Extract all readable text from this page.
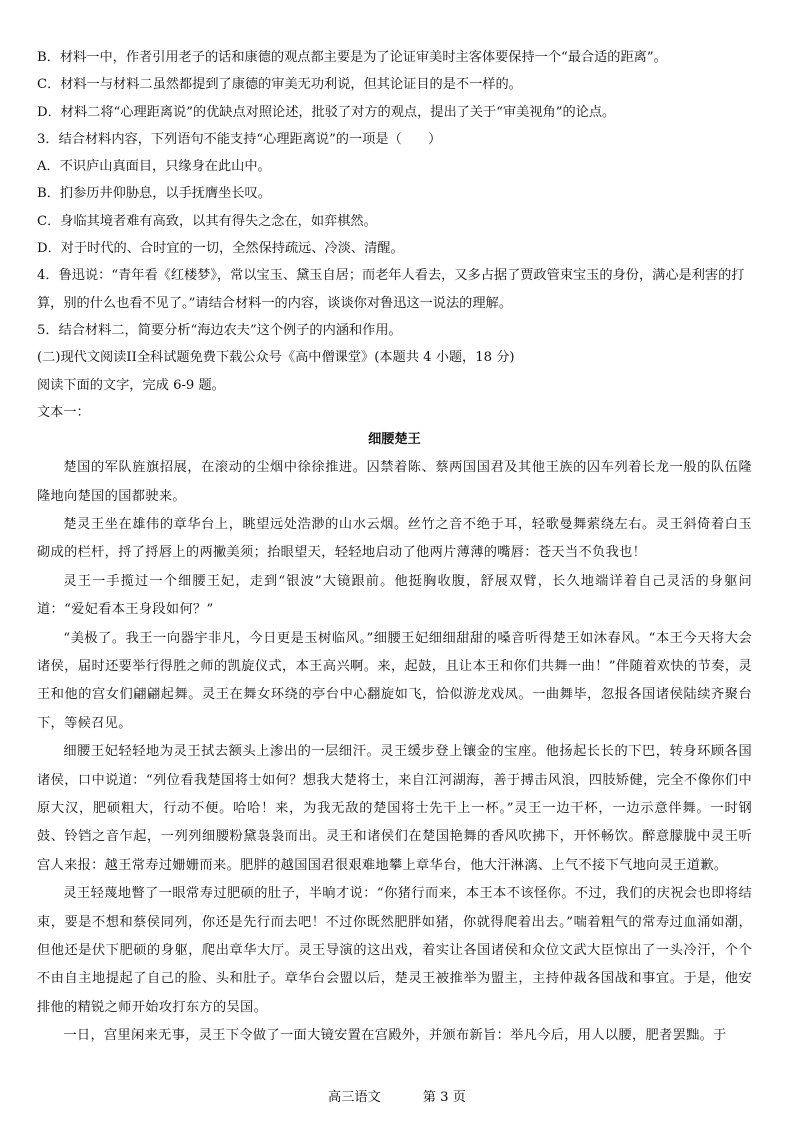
B．材料一中，作者引用老子的话和康德的观点都主要是为了论证审美时主客体要保持一个“最合适的距离”。
C．材料一与材料二虽然都提到了康德的审美无功利说，但其论证目的是不一样的。
D．材料二将“心理距离说”的优缺点对照论述，批驳了对方的观点，提出了关于“审美视角”的论点。
3．结合材料内容，下列语句不能支持“心理距离说”的一项是（　　）
A．不识庐山真面目，只缘身在此山中。
B．扪参历井仰胁息，以手抚膺坐长叹。
C．身临其境者难有高致，以其有得失之念在，如弈棋然。
D．对于时代的、合时宜的一切，全然保持疏远、冷淡、清醒。
4．鲁迅说：“青年看《红楼梦》，常以宝玉、黛玉自居；而老年人看去，又多占据了贾政管束宝玉的身份，满心是利害的打算，别的什么也看不见了。”请结合材料一的内容，谈谈你对鲁迅这一说法的理解。
5．结合材料二，简要分析“海边农夫”这个例子的内涵和作用。
(二)现代文阅读II全科试题免费下载公众号《高中僧课堂》(本题共 4 小题，18 分)
阅读下面的文字，完成 6-9 题。
文本一：
细腰楚王
楚国的军队旌旗招展，在滚动的尘烟中徐徐推进。囚禁着陈、蔡两国国君及其他王族的囚车列着长龙一般的队伍隆隆地向楚国的国都驶来。
楚灵王坐在雄伟的章华台上，眺望远处浩渺的山水云烟。丝竹之音不绝于耳，轻歌曼舞萦绕左右。灵王斜倚着白玉砌成的栏杆，捋了捋唇上的两撇美须；抬眼望天，轻轻地启动了他两片薄薄的嘴唇：苍天当不负我也！
灵王一手揽过一个细腰王妃，走到“银波”大镜跟前。他挺胸收腹，舒展双臂，长久地端详着自己灵活的身躯问道：“爱妃看本王身段如何？”
“美极了。我王一向器宇非凡，今日更是玉树临风。”细腰王妃细细甜甜的嗓音听得楚王如沐春风。“本王今天将大会诸侯，届时还要举行得胜之师的凯旋仪式，本王高兴啊。来，起鼓，且让本王和你们共舞一曲！”伴随着欢快的节奏，灵王和他的宫女们翩翩起舞。灵王在舞女环绕的亭台中心翻旋如飞，恰似游龙戏凤。一曲舞毕，忽报各国诸侯陆续齐聚台下，等候召见。
细腰王妃轻轻地为灵王拭去额头上渗出的一层细汗。灵王缓步登上镶金的宝座。他扬起长长的下巴，转身环顾各国诸侯，口中说道：“列位看我楚国将士如何？想我大楚将士，来自江河湖海，善于搏击风浪，四肢矫健，完全不像你们中原大汉，肥硕粗大，行动不便。哈哈！来，为我无敌的楚国将士先干上一杯。”灵王一边干杯，一边示意伴舞。一时钢鼓、铃铛之音乍起，一列列细腰粉黛袅袅而出。灵王和诸侯们在楚国艳舞的香风吹拂下，开怀畅饮。醉意朦胧中灵王听宫人来报：越王常寿过姗姗而来。肥胖的越国国君很艰难地攀上章华台，他大汗淋漓、上气不接下气地向灵王道歉。
灵王轻蔑地瞥了一眼常寿过肥硕的肚子，半晌才说：“你猪行而来，本王本不该怪你。不过，我们的庆祝会也即将结束，要是不想和蔡侯同列，你还是先行而去吧！不过你既然肥胖如猪，你就得爬着出去。”喘着粗气的常寿过血涌如潮，但他还是伏下肥硕的身躯，爬出章华大厅。灵王导演的这出戏，着实让各国诸侯和众位文武大臣惊出了一头冷汗，个个不由自主地提起了自己的脸、头和肚子。章华台会盟以后，楚灵王被推举为盟主，主持仲裁各国战和事宜。于是，他安排他的精锐之师开始攻打东方的吴国。
一日，宫里闲来无事，灵王下令做了一面大镜安置在宫殿外，并颁布新旨：举凡今后，用人以腰，肥者罢黜。于
高三语文	第 3 页
